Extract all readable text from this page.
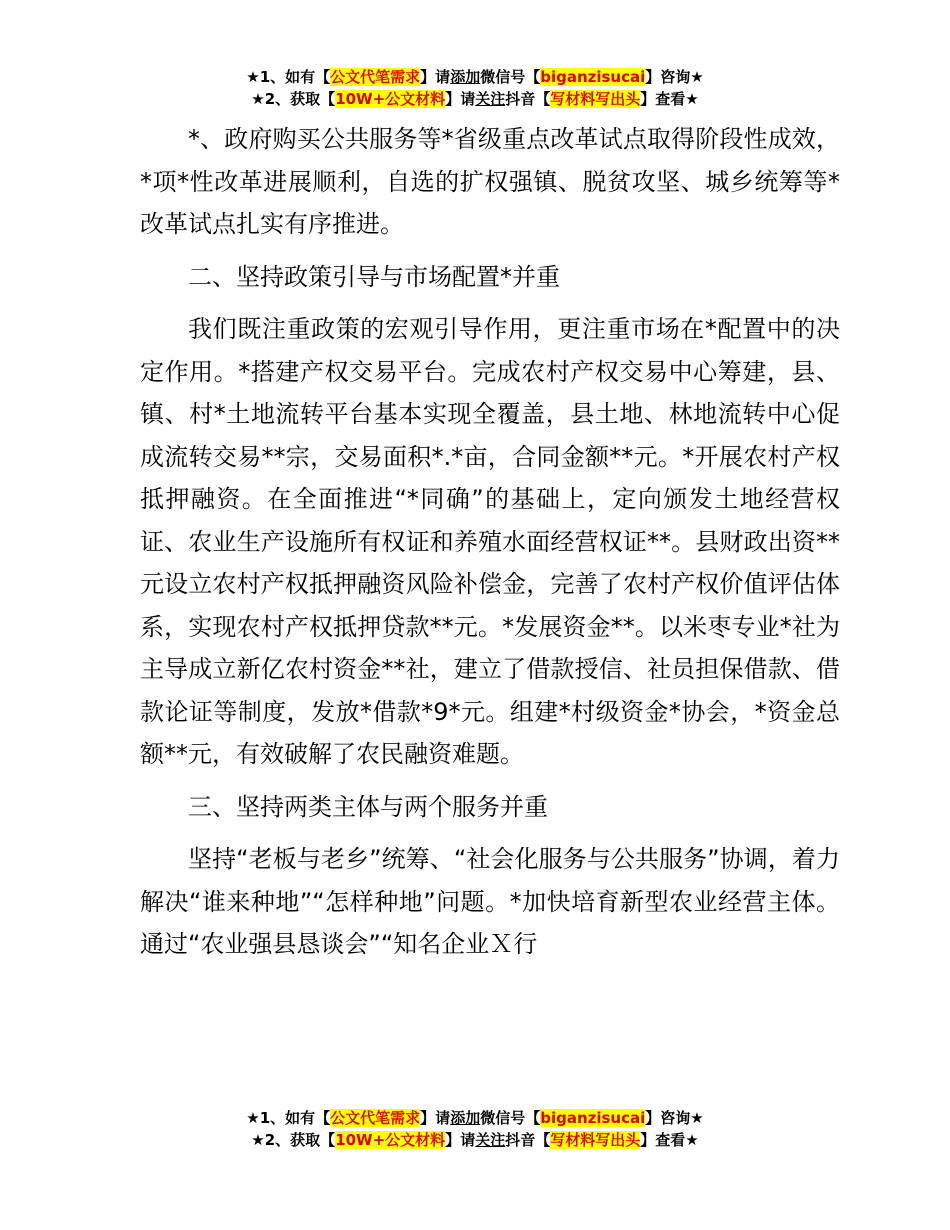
★1、如有【公文代笔需求】请添加微信号【biganzisucai】咨询★
★2、获取【10W+公文材料】请关注抖音【写材料写出头】查看★

*、政府购买公共服务等*省级重点改革试点取得阶段性成效，*项*性改革进展顺利，自选的扩权强镇、脱贫攻坚、城乡统筹等*改革试点扎实有序推进。

二、坚持政策引导与市场配置*并重

我们既注重政策的宏观引导作用，更注重市场在*配置中的决定作用。*搭建产权交易平台。完成农村产权交易中心筹建，县、镇、村*土地流转平台基本实现全覆盖，县土地、林地流转中心促成流转交易**宗，交易面积*.*亩，合同金额**元。*开展农村产权抵押融资。在全面推进“*同确”的基础上，定向颁发土地经营权证、农业生产设施所有权证和养殖水面经营权证**。县财政出资**元设立农村产权抵押融资风险补偿金，完善了农村产权价值评估体系，实现农村产权抵押贷款**元。*发展资金**。以米枣专业*社为主导成立新亿农村资金**社，建立了借款授信、社员担保借款、借款论证等制度，发放*借款*9*元。组建*村级资金*协会，*资金总额**元，有效破解了农民融资难题。

三、坚持两类主体与两个服务并重

坚持“老板与老乡”统筹、“社会化服务与公共服务”协调，着力解决“谁来种地”“怎样种地”问题。*加快培育新型农业经营主体。通过“农业强县恳谈会”“知名企业Ｘ行

★1、如有【公文代笔需求】请添加微信号【biganzisucai】咨询★
★2、获取【10W+公文材料】请关注抖音【写材料写出头】查看★
